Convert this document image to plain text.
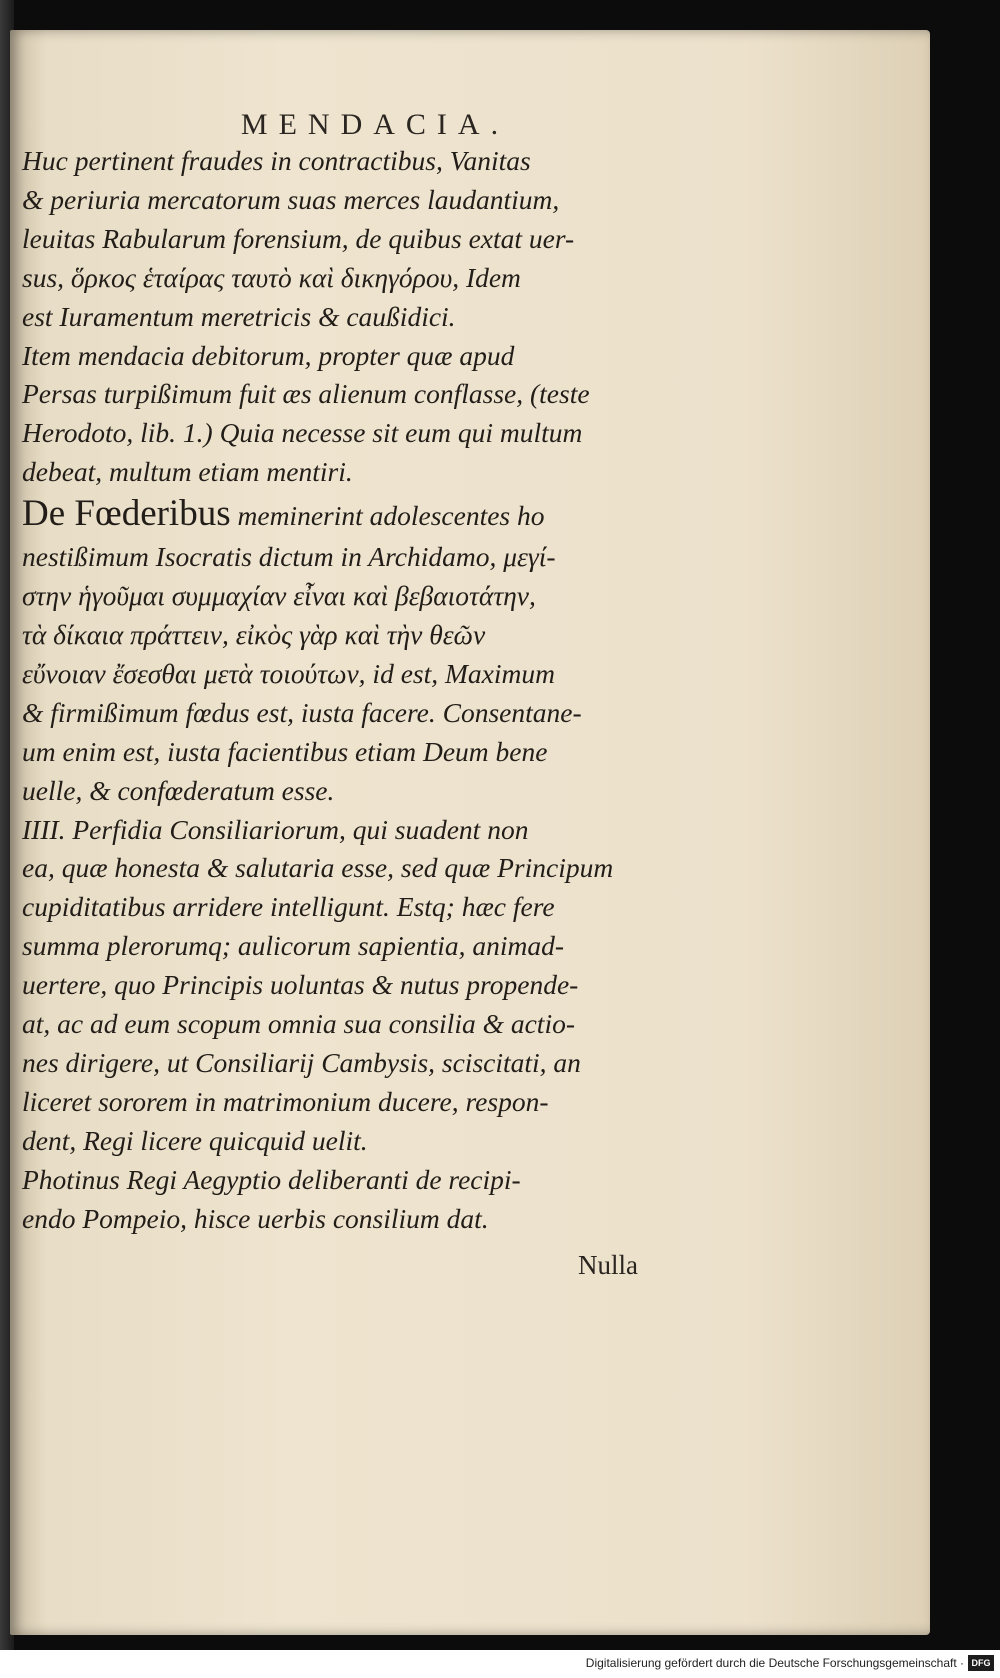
MENDACIA.
Huc pertinent fraudes in contractibus, Vanitas
& periuria mercatorum suas merces laudantium,
leuitas Rabularum forensium, de quibus extat uer-
sus, ὅρκος ἑταίρας ταυτὸ καὶ δικηγόρου, Idem
est Iuramentum meretricis & caußidici.
Item mendacia debitorum, propter quæ apud
Persas turpißimum fuit æs alienum conflasse, (teste
Herodoto, lib. 1.) Quia necesse sit eum qui multum
debeat, multum etiam mentiri.
De Fœderibus meminerint adolescentes ho
nestißimum Isocratis dictum in Archidamo, μεγί-
στην ἡγοῦμαι συμμαχίαν εἶναι καὶ βεβαιοτάτην,
τὰ δίκαια πράττειν, εἰκὸς γὰρ καὶ τὴν θεῶν
εὔνοιαν ἔσεσθαι μετὰ τοιούτων, id est, Maximum
& firmißimum fœdus est, iusta facere. Consentane-
um enim est, iusta facientibus etiam Deum bene
uelle, & confœderatum esse.
IIII. Perfidia Consiliariorum, qui suadent non
ea, quæ honesta & salutaria esse, sed quæ Principum
cupiditatibus arridere intelligunt. Estq; hæc fere
summa plerorumq; aulicorum sapientia, animad-
uertere, quo Principis uoluntas & nutus propende-
at, ac ad eum scopum omnia sua consilia & actio-
nes dirigere, ut Consiliarij Cambysis, sciscitati, an
liceret sororem in matrimonium ducere, respon-
dent, Regi licere quicquid uelit.
Photinus Regi Aegyptio deliberanti de recipi-
endo Pompeio, hisce uerbis consilium dat.
Nulla
Digitalisierung gefördert durch die Deutsche Forschungsgemeinschaft · DFG
